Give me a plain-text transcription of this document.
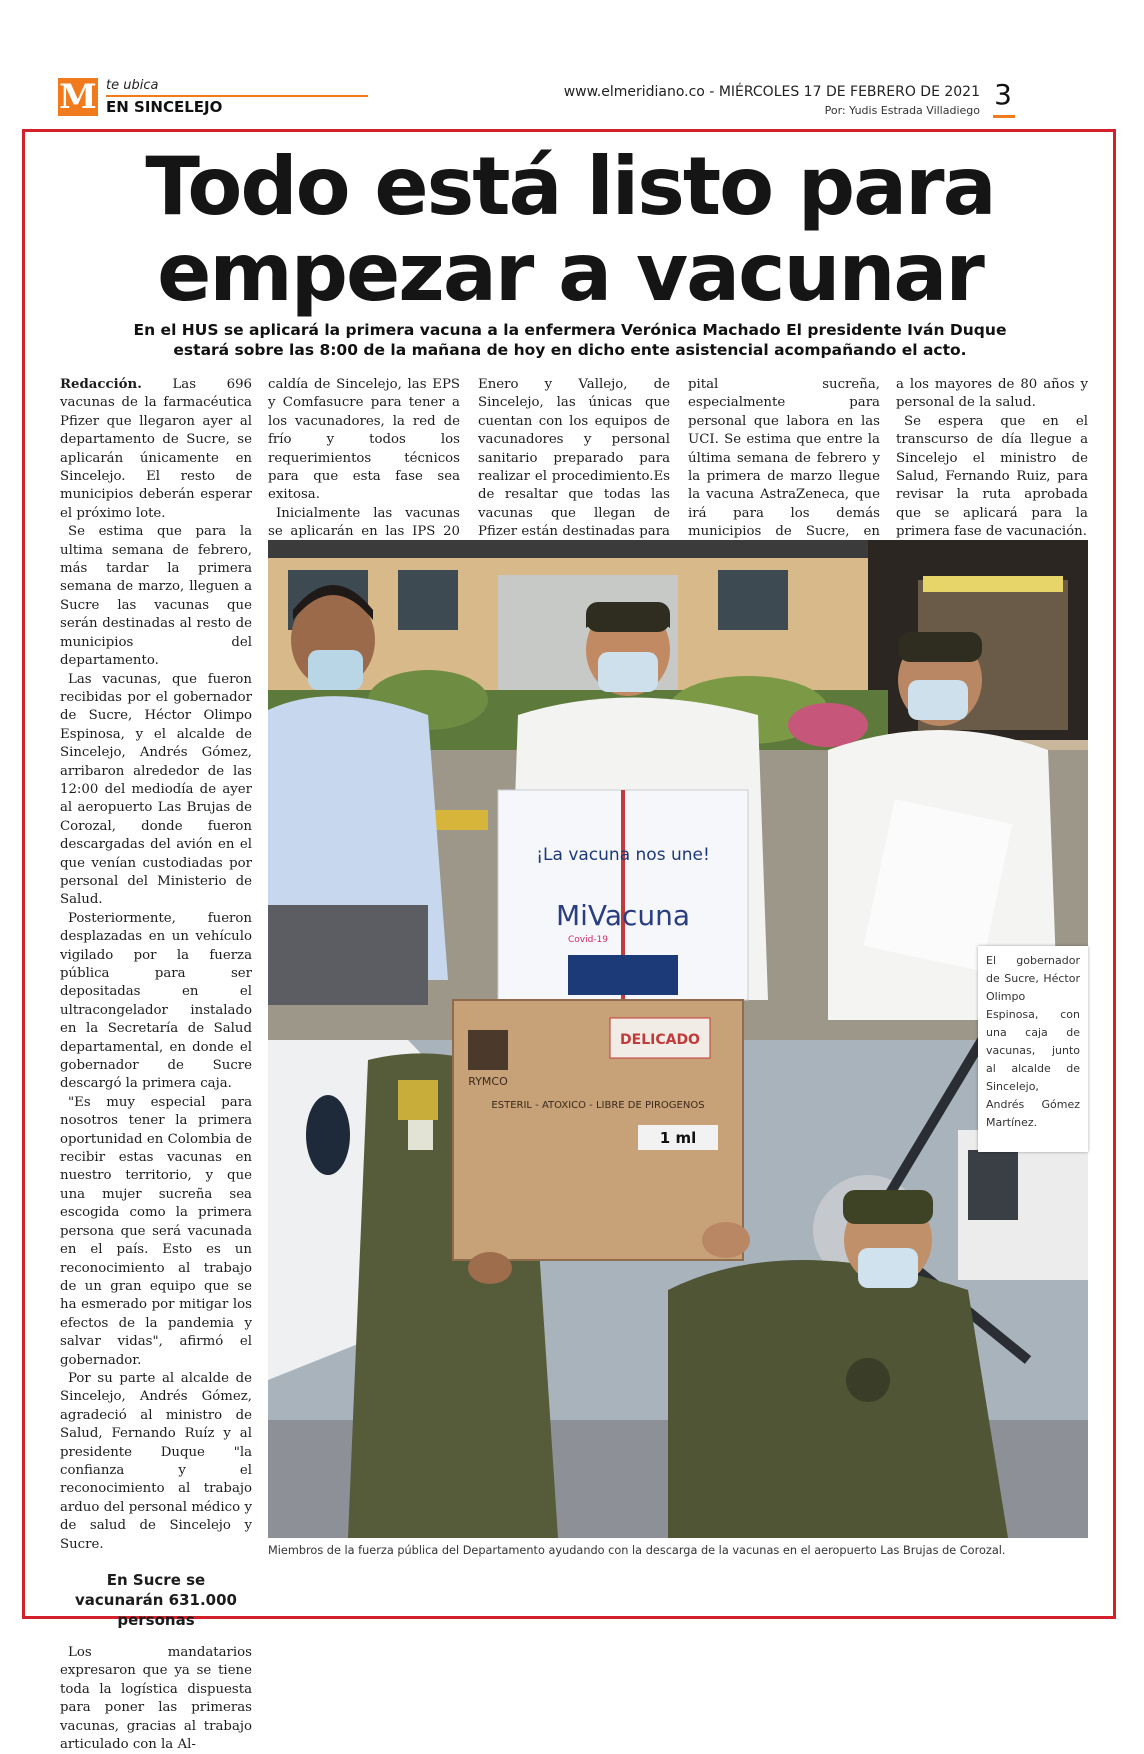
M te ubica
EN SINCELEJO
www.elmeridiano.co - MIÉRCOLES 17 DE FEBRERO DE 2021
Por: Yudis Estrada Villadiego 3
Todo está listo para
empezar a vacunar
En el HUS se aplicará la primera vacuna a la enfermera Verónica Machado El presidente Iván Duque
estará sobre las 8:00 de la mañana de hoy en dicho ente asistencial acompañando el acto.

Redacción. Las 696 vacunas de la farmacéutica Pfizer que llegaron ayer al departamento de Sucre, se aplicarán únicamente en Sincelejo. El resto de municipios deberán esperar el próximo lote.

Se estima que para la ultima semana de febrero, más tardar la primera semana de marzo, lleguen a Sucre las vacunas que serán destinadas al resto de municipios del departamento.

Las vacunas, que fueron recibidas por el gobernador de Sucre, Héctor Olimpo Espinosa, y el alcalde de Sincelejo, Andrés Gómez, arribaron alrededor de las 12:00 del mediodía de ayer al aeropuerto Las Brujas de Corozal, donde fueron descargadas del avión en el que venían custodiadas por personal del Ministerio de Salud.

Posteriormente, fueron desplazadas en un vehículo vigilado por la fuerza pública para ser depositadas en el ultracongelador instalado en la Secretaría de Salud departamental, en donde el gobernador de Sucre descargó la primera caja.

"Es muy especial para nosotros tener la primera oportunidad en Colombia de recibir estas vacunas en nuestro territorio, y que una mujer sucreña sea escogida como la primera persona que será vacunada en el país. Esto es un reconocimiento al trabajo de un gran equipo que se ha esmerado por mitigar los efectos de la pandemia y salvar vidas", afirmó el gobernador.

Por su parte al alcalde de Sincelejo, Andrés Gómez, agradeció al ministro de Salud, Fernando Ruíz y al presidente Duque "la confianza y el reconocimiento al trabajo arduo del personal médico y de salud de Sincelejo y Sucre.

En Sucre se vacunarán 631.000 personas

Los mandatarios expresaron que ya se tiene toda la logística dispuesta para poner las primeras vacunas, gracias al trabajo articulado con la Al-

caldía de Sincelejo, las EPS y Comfasucre para tener a los vacunadores, la red de frío y todos los requerimientos técnicos para que esta fase sea exitosa.

Inicialmente las vacunas se aplicarán en las IPS 20

Enero y Vallejo, de Sincelejo, las únicas que cuentan con los equipos de vacunadores y personal sanitario preparado para realizar el procedimiento.Es de resaltar que todas las vacunas que llegan de Pfizer están destinadas para

pital sucreña, especialmente para personal que labora en las UCI. Se estima que entre la última semana de febrero y la primera de marzo llegue la vacuna AstraZeneca, que irá para los demás municipios de Sucre, en

a los mayores de 80 años y personal de la salud.

Se espera que en el transcurso de día llegue a Sincelejo el ministro de Salud, Fernando Ruiz, para revisar la ruta aprobada que se aplicará para la primera fase de vacunación.

¡La vacuna nos une!
MiVacuna
Covid-19
RYMCO
DELICADO
ESTERIL - ATOXICO - LIBRE DE PIROGENOS
1 ml
El gobernador de Sucre, Héctor Olimpo Espinosa, con una caja de vacunas, junto al alcalde de Sincelejo, Andrés Gómez Martínez.
Miembros de la fuerza pública del Departamento ayudando con la descarga de la vacunas en el aeropuerto Las Brujas de Corozal.
